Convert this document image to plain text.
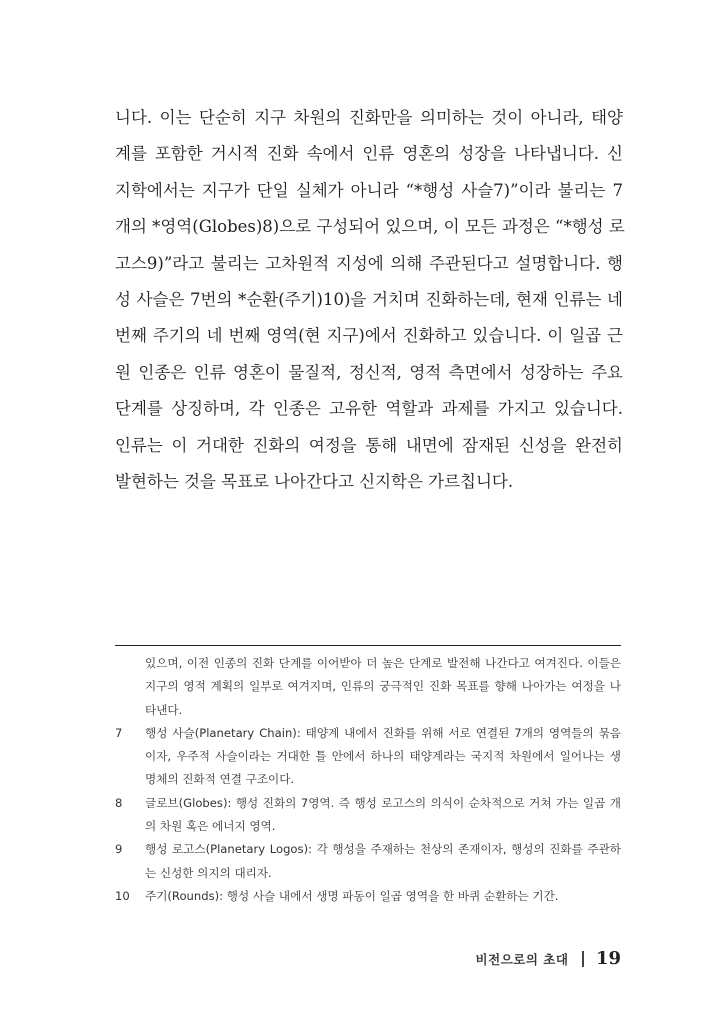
니다. 이는 단순히 지구 차원의 진화만을 의미하는 것이 아니라, 태양
계를 포함한 거시적 진화 속에서 인류 영혼의 성장을 나타냅니다. 신
지학에서는 지구가 단일 실체가 아니라 “*행성 사슬7)”이라 불리는 7
개의 *영역(Globes)8)으로 구성되어 있으며, 이 모든 과정은 “*행성 로
고스9)”라고 불리는 고차원적 지성에 의해 주관된다고 설명합니다. 행
성 사슬은 7번의 *순환(주기)10)을 거치며 진화하는데, 현재 인류는 네
번째 주기의 네 번째 영역(현 지구)에서 진화하고 있습니다. 이 일곱 근
원 인종은 인류 영혼이 물질적, 정신적, 영적 측면에서 성장하는 주요
단계를 상징하며, 각 인종은 고유한 역할과 과제를 가지고 있습니다.
인류는 이 거대한 진화의 여정을 통해 내면에 잠재된 신성을 완전히
발현하는 것을 목표로 나아간다고 신지학은 가르칩니다.
있으며, 이전 인종의 진화 단계를 이어받아 더 높은 단계로 발전해 나간다고 여겨진다. 이들은
지구의 영적 계획의 일부로 여겨지며, 인류의 궁극적인 진화 목표를 향해 나아가는 여정을 나
타낸다.
7	행성 사슬(Planetary Chain): 태양계 내에서 진화를 위해 서로 연결된 7개의 영역들의 묶음
이자, 우주적 사슬이라는 거대한 틀 안에서 하나의 태양계라는 국지적 차원에서 일어나는 생
명체의 진화적 연결 구조이다.
8	글로브(Globes): 행성 진화의 7영역. 즉 행성 로고스의 의식이 순차적으로 거쳐 가는 일곱 개
의 차원 혹은 에너지 영역.
9	행성 로고스(Planetary Logos): 각 행성을 주재하는 천상의 존재이자, 행성의 진화를 주관하
는 신성한 의지의 대리자.
10	주기(Rounds): 행성 사슬 내에서 생명 파동이 일곱 영역을 한 바퀴 순환하는 기간.
비전으로의 초대 19
